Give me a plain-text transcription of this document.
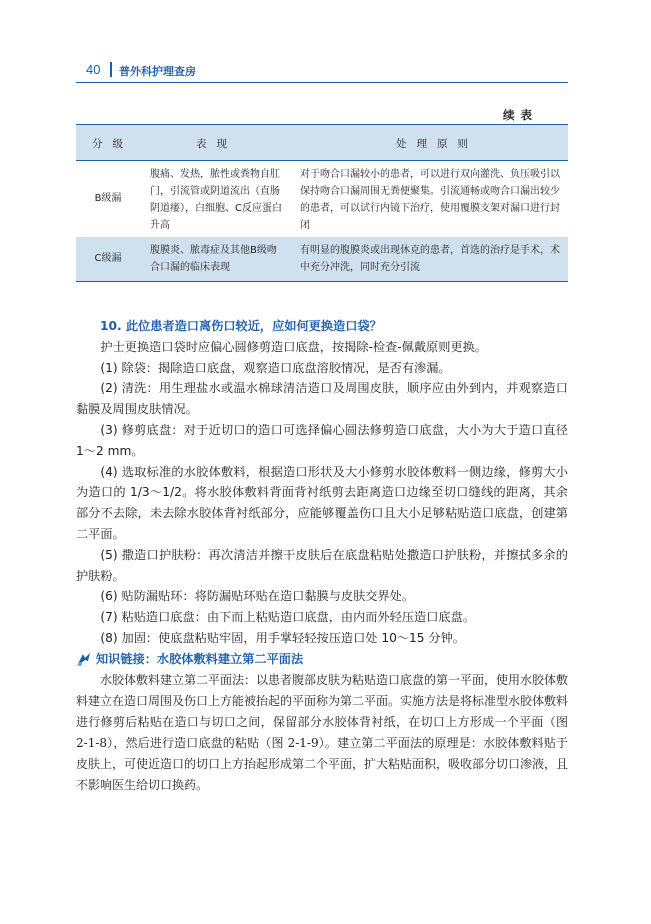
40 普外科护理查房
续表
分级	表现	处理原则
B级漏
腹痛、发热，脓性或粪物自肛门，引流管或阴道流出（直肠阴道瘘），白细胞、C反应蛋白升高
对于吻合口漏较小的患者，可以进行双向灌洗、负压吸引以保持吻合口漏周围无粪便聚集。引流通畅或吻合口漏出较少的患者，可以试行内镜下治疗，使用覆膜支架对漏口进行封闭
C级漏
腹膜炎、脓毒症及其他B级吻合口漏的临床表现
有明显的腹膜炎或出现休克的患者，首选的治疗是手术，术中充分冲洗，同时充分引流

10. 此位患者造口离伤口较近，应如何更换造口袋？

护士更换造口袋时应偏心圆修剪造口底盘，按揭除-检查-佩戴原则更换。

(1) 除袋：揭除造口底盘，观察造口底盘溶胶情况，是否有渗漏。

(2) 清洗：用生理盐水或温水棉球清洁造口及周围皮肤，顺序应由外到内，并观察造口黏膜及周围皮肤情况。

(3) 修剪底盘：对于近切口的造口可选择偏心圆法修剪造口底盘，大小为大于造口直径 1～2 mm。

(4) 选取标准的水胶体敷料，根据造口形状及大小修剪水胶体敷料一侧边缘，修剪大小为造口的 1/3～1/2。将水胶体敷料背面背衬纸剪去距离造口边缘至切口缝线的距离，其余部分不去除，未去除水胶体背衬纸部分，应能够覆盖伤口且大小足够粘贴造口底盘，创建第二平面。

(5) 撒造口护肤粉：再次清洁并擦干皮肤后在底盘粘贴处撒造口护肤粉，并擦拭多余的护肤粉。

(6) 贴防漏贴环：将防漏贴环贴在造口黏膜与皮肤交界处。

(7) 粘贴造口底盘：由下而上粘贴造口底盘，由内而外轻压造口底盘。

(8) 加固：使底盘粘贴牢固，用手掌轻轻按压造口处 10～15 分钟。

知识链接：水胶体敷料建立第二平面法

水胶体敷料建立第二平面法：以患者腹部皮肤为粘贴造口底盘的第一平面，使用水胶体敷料建立在造口周围及伤口上方能被抬起的平面称为第二平面。实施方法是将标准型水胶体敷料进行修剪后粘贴在造口与切口之间，保留部分水胶体背衬纸，在切口上方形成一个平面（图 2-1-8），然后进行造口底盘的粘贴（图 2-1-9）。建立第二平面法的原理是：水胶体敷料贴于皮肤上，可使近造口的切口上方抬起形成第二个平面，扩大粘贴面积，吸收部分切口渗液，且不影响医生给切口换药。
